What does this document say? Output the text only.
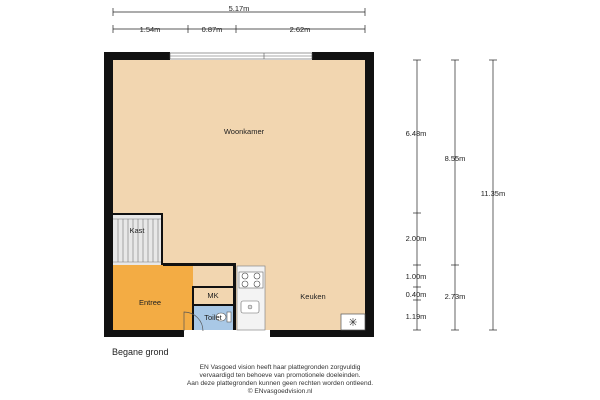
Woonkamer
Kast
Entree
MK
Toilet
Keuken
5.17m
1.54m	0.87m	2.62m
6.48m
2.00m
1.00m
0.40m
1.19m
8.55m
2.73m
11.35m
Begane grond
EN Vasgoed vision heeft haar plattegronden zorgvuldig
vervaardigd ten behoeve van promotionele doeleinden.
Aan deze plattegronden kunnen geen rechten worden ontleend.
© ENvasgoedvision.nl
